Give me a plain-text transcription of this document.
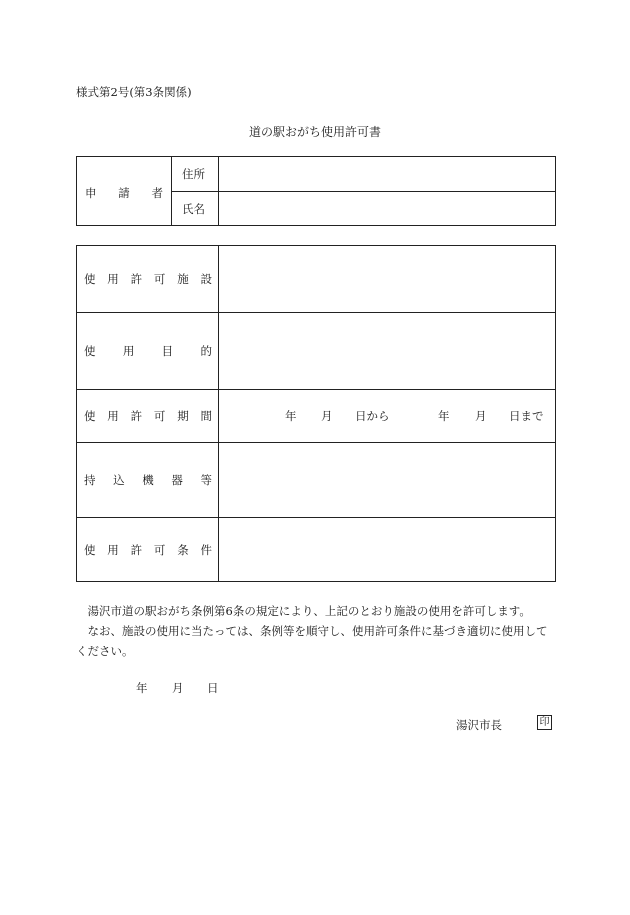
様式第2号(第3条関係)
道の駅おがち使用許可書
申 請 者
住所
氏名
使 用 許 可 施 設
使 用 目 的
使 用 許 可 期 間	年 月 日から	年 月 日まで
持 込 機 器 等
使 用 許 可 条 件

湯沢市道の駅おがち条例第6条の規定により、上記のとおり施設の使用を許可します。

なお、施設の使用に当たっては、条例等を順守し、使用許可条件に基づき適切に使用してください。

年 月 日
湯沢市長	印
